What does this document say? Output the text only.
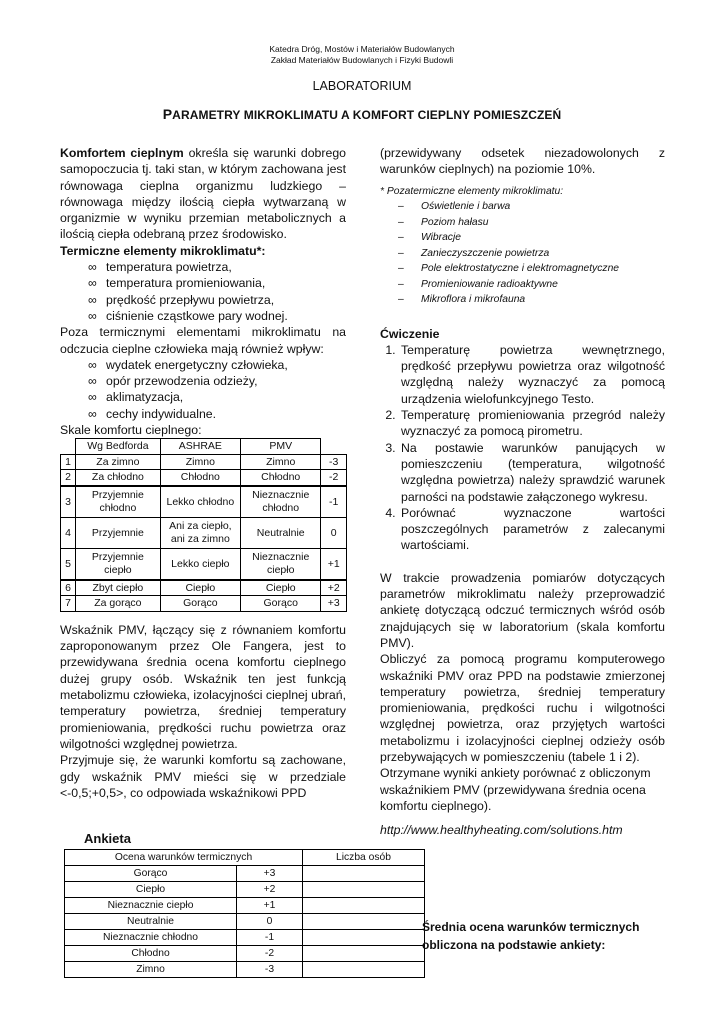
Katedra Dróg, Mostów i Materiałów Budowlanych
Zakład Materiałów Budowlanych i Fizyki Budowli
LABORATORIUM
PARAMETRY MIKROKLIMATU A KOMFORT CIEPLNY POMIESZCZEŃ

Komfortem cieplnym określa się warunki dobrego samopoczucia tj. taki stan, w którym zachowana jest równowaga cieplna organizmu ludzkiego – równowaga między ilością ciepła wytwarzaną w organizmie w wyniku przemian metabolicznych a ilością ciepła odebraną przez środowisko.

Termiczne elementy mikroklimatu*:

∞ temperatura powietrza,
∞ temperatura promieniowania,
∞ prędkość przepływu powietrza,
∞ ciśnienie cząstkowe pary wodnej.

Poza termicznymi elementami mikroklimatu na odczucia cieplne człowieka mają również wpływ:

∞ wydatek energetyczny człowieka,
∞ opór przewodzenia odzieży,
∞ aklimatyzacja,
∞ cechy indywidualne.

Skale komfortu cieplnego:

	Wg Bedforda	ASHRAE	PMV	
1	Za zimno	Zimno	Zimno	-3
2	Za chłodno	Chłodno	Chłodno	-2
3	Przyjemnie chłodno	Lekko chłodno	Nieznacznie chłodno	-1
4	Przyjemnie	Ani za ciepło, ani za zimno	Neutralnie	0
5	Przyjemnie ciepło	Lekko ciepło	Nieznacznie ciepło	+1
6	Zbyt ciepło	Ciepło	Ciepło	+2
7	Za gorąco	Gorąco	Gorąco	+3

Wskaźnik PMV, łączący się z równaniem komfortu zaproponowanym przez Ole Fangera, jest to przewidywana średnia ocena komfortu cieplnego dużej grupy osób. Wskaźnik ten jest funkcją metabolizmu człowieka, izolacyjności cieplnej ubrań, temperatury powietrza, średniej temperatury promieniowania, prędkości ruchu powietrza oraz wilgotności względnej powietrza.

Przyjmuje się, że warunki komfortu są zachowane, gdy wskaźnik PMV mieści się w przedziale <-0,5;+0,5>, co odpowiada wskaźnikowi PPD

(przewidywany odsetek niezadowolonych z warunków cieplnych) na poziomie 10%.

* Pozatermiczne elementy mikroklimatu:

– Oświetlenie i barwa
– Poziom hałasu
– Wibracje
– Zanieczyszczenie powietrza
– Pole elektrostatyczne i elektromagnetyczne
– Promieniowanie radioaktywne
– Mikroflora i mikrofauna

Ćwiczenie

1. Temperaturę powietrza wewnętrznego, prędkość przepływu powietrza oraz wilgotność względną należy wyznaczyć za pomocą urządzenia wielofunkcyjnego Testo.
2. Temperaturę promieniowania przegród należy wyznaczyć za pomocą pirometru.
3. Na postawie warunków panujących w pomieszczeniu (temperatura, wilgotność względna powietrza) należy sprawdzić warunek parności na podstawie załączonego wykresu.
4. Porównać wyznaczone wartości poszczególnych parametrów z zalecanymi wartościami.

W trakcie prowadzenia pomiarów dotyczących parametrów mikroklimatu należy przeprowadzić ankietę dotyczącą odczuć termicznych wśród osób znajdujących się w laboratorium (skala komfortu PMV).

Obliczyć za pomocą programu komputerowego wskaźniki PMV oraz PPD na podstawie zmierzonej temperatury powietrza, średniej temperatury promieniowania, prędkości ruchu i wilgotności względnej powietrza, oraz przyjętych wartości metabolizmu i izolacyjności cieplnej odzieży osób przebywających w pomieszczeniu (tabele 1 i 2).

Otrzymane wyniki ankiety porównać z obliczonym wskaźnikiem PMV (przewidywana średnia ocena komfortu cieplnego).

http://www.healthyheating.com/solutions.htm

Ankieta
Ocena warunków termicznych		Liczba osób
Gorąco	+3	
Ciepło	+2	
Nieznacznie ciepło	+1	
Neutralnie	0	
Nieznacznie chłodno	-1	
Chłodno	-2	
Zimno	-3	
Średnia ocena warunków termicznych
obliczona na podstawie ankiety:
